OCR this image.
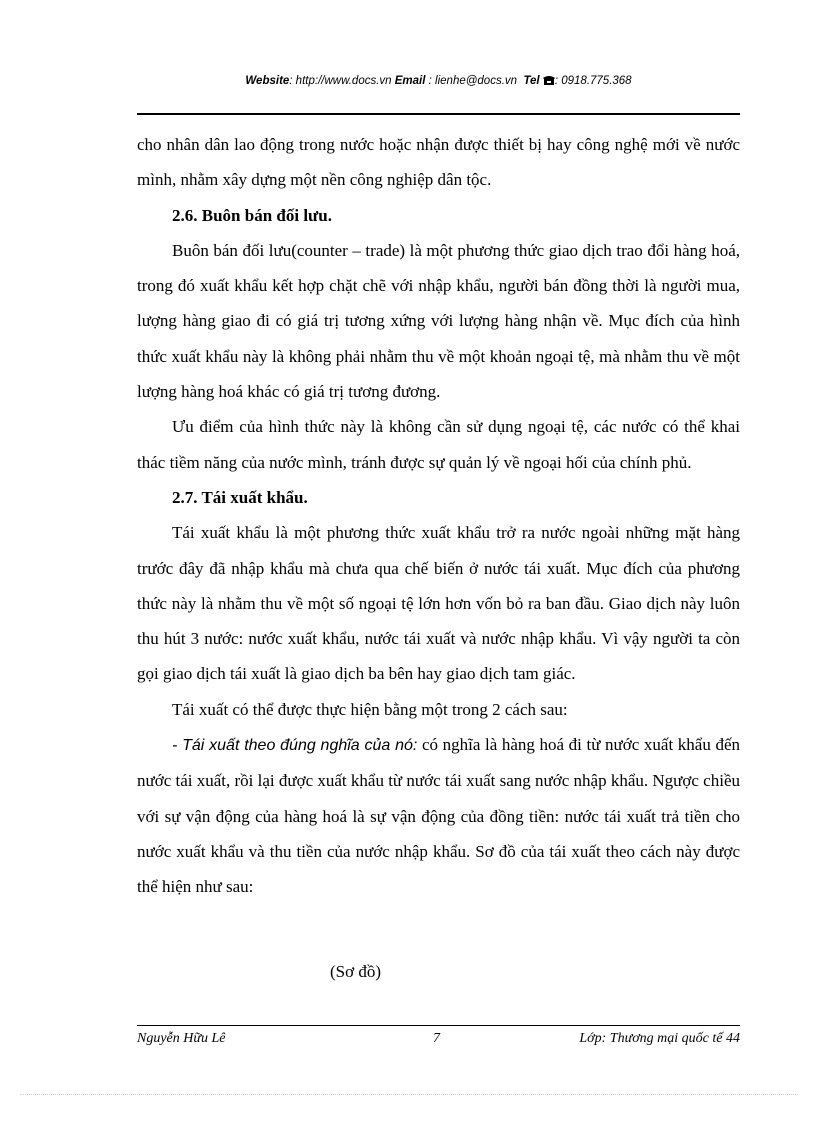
Website: http://www.docs.vn Email : lienhe@docs.vn Tel : 0918.775.368

cho nhân dân lao động trong nước hoặc nhận được thiết bị hay công nghệ mới về nước mình, nhằm xây dựng một nền công nghiệp dân tộc.

2.6. Buôn bán đối lưu.

Buôn bán đối lưu(counter – trade) là một phương thức giao dịch trao đổi hàng hoá, trong đó xuất khẩu kết hợp chặt chẽ với nhập khẩu, người bán đồng thời là người mua, lượng hàng giao đi có giá trị tương xứng với lượng hàng nhận về. Mục đích của hình thức xuất khẩu này là không phải nhằm thu về một khoản ngoại tệ, mà nhằm thu về một lượng hàng hoá khác có giá trị tương đương.

Ưu điểm của hình thức này là không cần sử dụng ngoại tệ, các nước có thể khai thác tiềm năng của nước mình, tránh được sự quản lý về ngoại hối của chính phủ.

2.7. Tái xuất khẩu.

Tái xuất khẩu là một phương thức xuất khẩu trở ra nước ngoài những mặt hàng trước đây đã nhập khẩu mà chưa qua chế biến ở nước tái xuất. Mục đích của phương thức này là nhằm thu về một số ngoại tệ lớn hơn vốn bỏ ra ban đầu. Giao dịch này luôn thu hút 3 nước: nước xuất khẩu, nước tái xuất và nước nhập khẩu. Vì vậy người ta còn gọi giao dịch tái xuất là giao dịch ba bên hay giao dịch tam giác.

Tái xuất có thể được thực hiện bằng một trong 2 cách sau:

- Tái xuất theo đúng nghĩa của nó: có nghĩa là hàng hoá đi từ nước xuất khẩu đến nước tái xuất, rồi lại được xuất khẩu từ nước tái xuất sang nước nhập khẩu. Ngược chiều với sự vận động của hàng hoá là sự vận động của đồng tiền: nước tái xuất trả tiền cho nước xuất khẩu và thu tiền của nước nhập khẩu. Sơ đồ của tái xuất theo cách này được thể hiện như sau:

(Sơ đồ)
Nguyễn Hữu Lê	7	Lớp: Thương mại quốc tế 44
